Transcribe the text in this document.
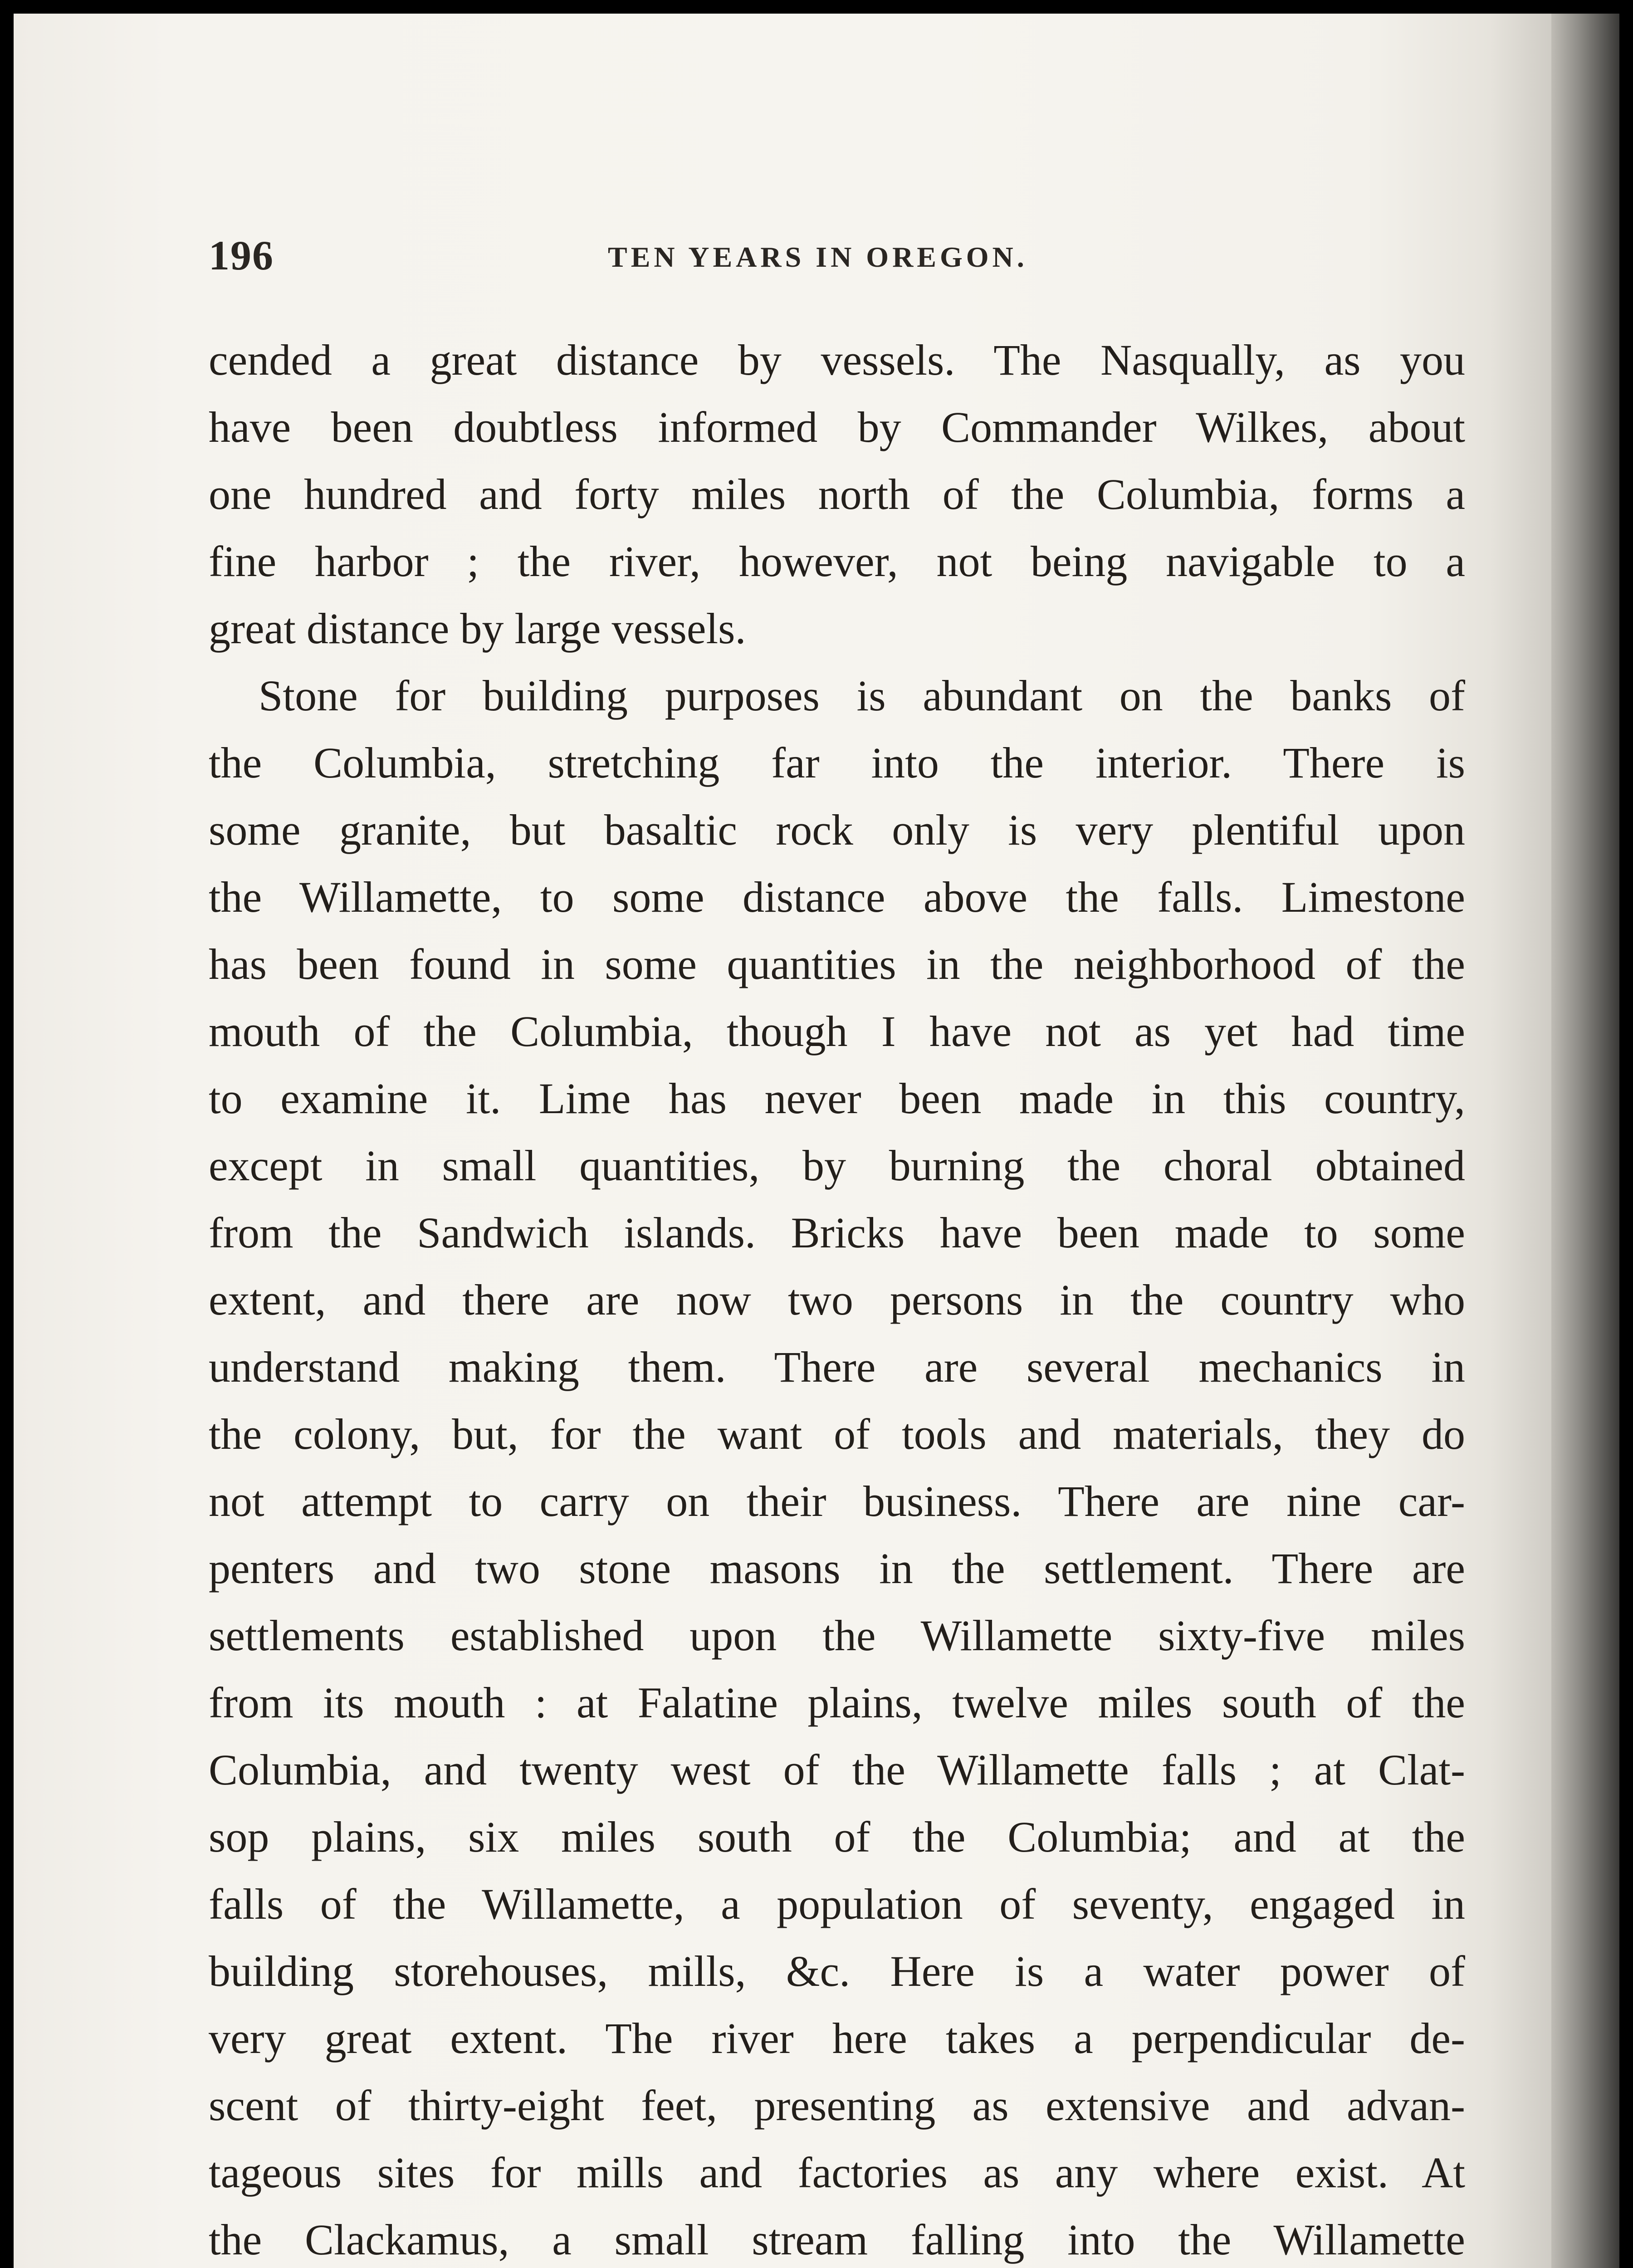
196	TEN YEARS IN OREGON.
cended a great distance by vessels. The Nasqually, as you
have been doubtless informed by Commander Wilkes, about
one hundred and forty miles north of the Columbia, forms a
fine harbor ; the river, however, not being navigable to a
great distance by large vessels.
Stone for building purposes is abundant on the banks of
the Columbia, stretching far into the interior. There is
some granite, but basaltic rock only is very plentiful upon
the Willamette, to some distance above the falls. Limestone
has been found in some quantities in the neighborhood of the
mouth of the Columbia, though I have not as yet had time
to examine it. Lime has never been made in this country,
except in small quantities, by burning the choral obtained
from the Sandwich islands. Bricks have been made to some
extent, and there are now two persons in the country who
understand making them. There are several mechanics in
the colony, but, for the want of tools and materials, they do
not attempt to carry on their business. There are nine car-
penters and two stone masons in the settlement. There are
settlements established upon the Willamette sixty-five miles
from its mouth : at Falatine plains, twelve miles south of the
Columbia, and twenty west of the Willamette falls ; at Clat-
sop plains, six miles south of the Columbia; and at the
falls of the Willamette, a population of seventy, engaged in
building storehouses, mills, &c. Here is a water power of
very great extent. The river here takes a perpendicular de-
scent of thirty-eight feet, presenting as extensive and advan-
tageous sites for mills and factories as any where exist. At
the Clackamus, a small stream falling into the Willamette
